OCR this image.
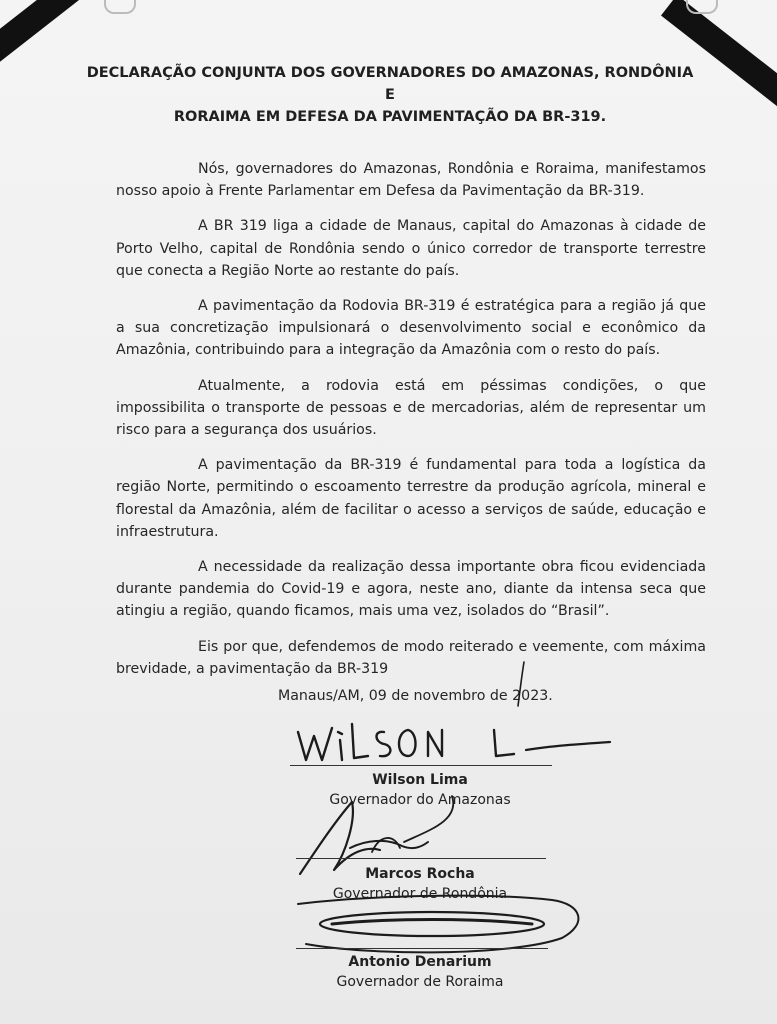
DECLARAÇÃO CONJUNTA DOS GOVERNADORES DO AMAZONAS, RONDÔNIA E
RORAIMA EM DEFESA DA PAVIMENTAÇÃO DA BR-319.

Nós, governadores do Amazonas, Rondônia e Roraima, manifestamos nosso apoio à Frente Parlamentar em Defesa da Pavimentação da BR-319.

A BR 319 liga a cidade de Manaus, capital do Amazonas à cidade de Porto Velho, capital de Rondônia sendo o único corredor de transporte terrestre que conecta a Região Norte ao restante do país.

A pavimentação da Rodovia BR-319 é estratégica para a região já que a sua concretização impulsionará o desenvolvimento social e econômico da Amazônia, contribuindo para a integração da Amazônia com o resto do país.

Atualmente, a rodovia está em péssimas condições, o que impossibilita o transporte de pessoas e de mercadorias, além de representar um risco para a segurança dos usuários.

A pavimentação da BR-319 é fundamental para toda a logística da região Norte, permitindo o escoamento terrestre da produção agrícola, mineral e florestal da Amazônia, além de facilitar o acesso a serviços de saúde, educação e infraestrutura.

A necessidade da realização dessa importante obra ficou evidenciada durante pandemia do Covid-19 e agora, neste ano, diante da intensa seca que atingiu a região, quando ficamos, mais uma vez, isolados do “Brasil”.

Eis por que, defendemos de modo reiterado e veemente, com máxima brevidade, a pavimentação da BR-319

Manaus/AM, 09 de novembro de 2023.
Wilson Lima
Governador do Amazonas
Marcos Rocha
Governador de Rondônia
Antonio Denarium
Governador de Roraima
